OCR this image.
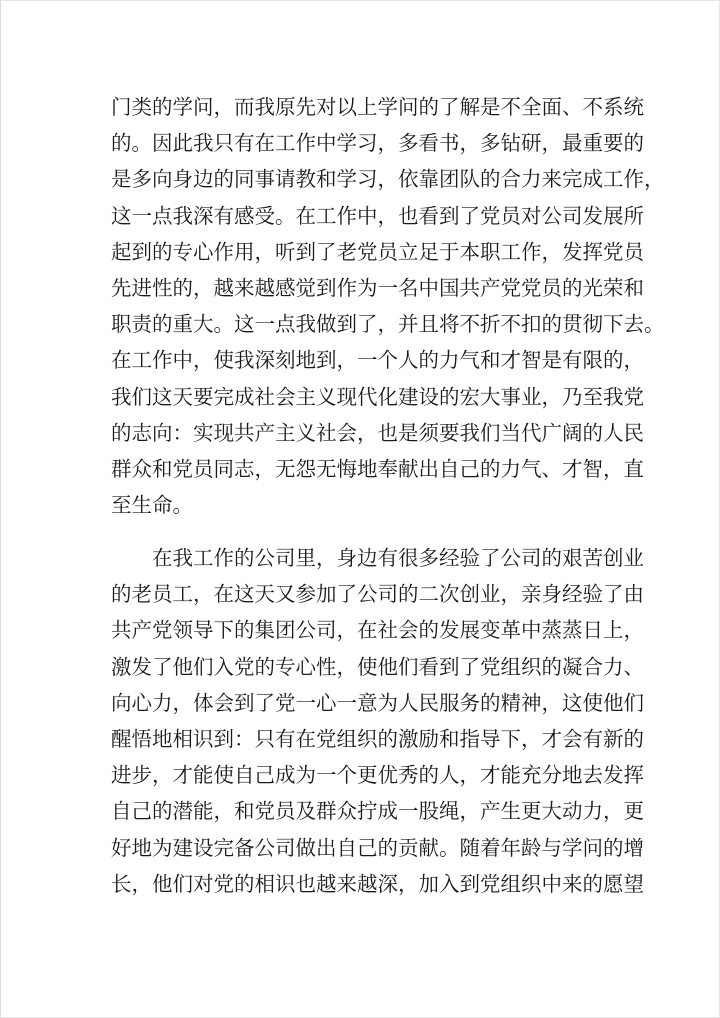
门类的学问，而我原先对以上学问的了解是不全面、不系统
的。因此我只有在工作中学习，多看书，多钻研，最重要的
是多向身边的同事请教和学习，依靠团队的合力来完成工作，
这一点我深有感受。在工作中，也看到了党员对公司发展所
起到的专心作用，听到了老党员立足于本职工作，发挥党员
先进性的，越来越感觉到作为一名中国共产党党员的光荣和
职责的重大。这一点我做到了，并且将不折不扣的贯彻下去。
在工作中，使我深刻地到，一个人的力气和才智是有限的，
我们这天要完成社会主义现代化建设的宏大事业，乃至我党
的志向：实现共产主义社会，也是须要我们当代广阔的人民
群众和党员同志，无怨无悔地奉献出自己的力气、才智，直
至生命。
　　在我工作的公司里，身边有很多经验了公司的艰苦创业
的老员工，在这天又参加了公司的二次创业，亲身经验了由
共产党领导下的集团公司，在社会的发展变革中蒸蒸日上，
激发了他们入党的专心性，使他们看到了党组织的凝合力、
向心力，体会到了党一心一意为人民服务的精神，这使他们
醒悟地相识到：只有在党组织的激励和指导下，才会有新的
进步，才能使自己成为一个更优秀的人，才能充分地去发挥
自己的潜能，和党员及群众拧成一股绳，产生更大动力，更
好地为建设完备公司做出自己的贡献。随着年龄与学问的增
长，他们对党的相识也越来越深，加入到党组织中来的愿望
